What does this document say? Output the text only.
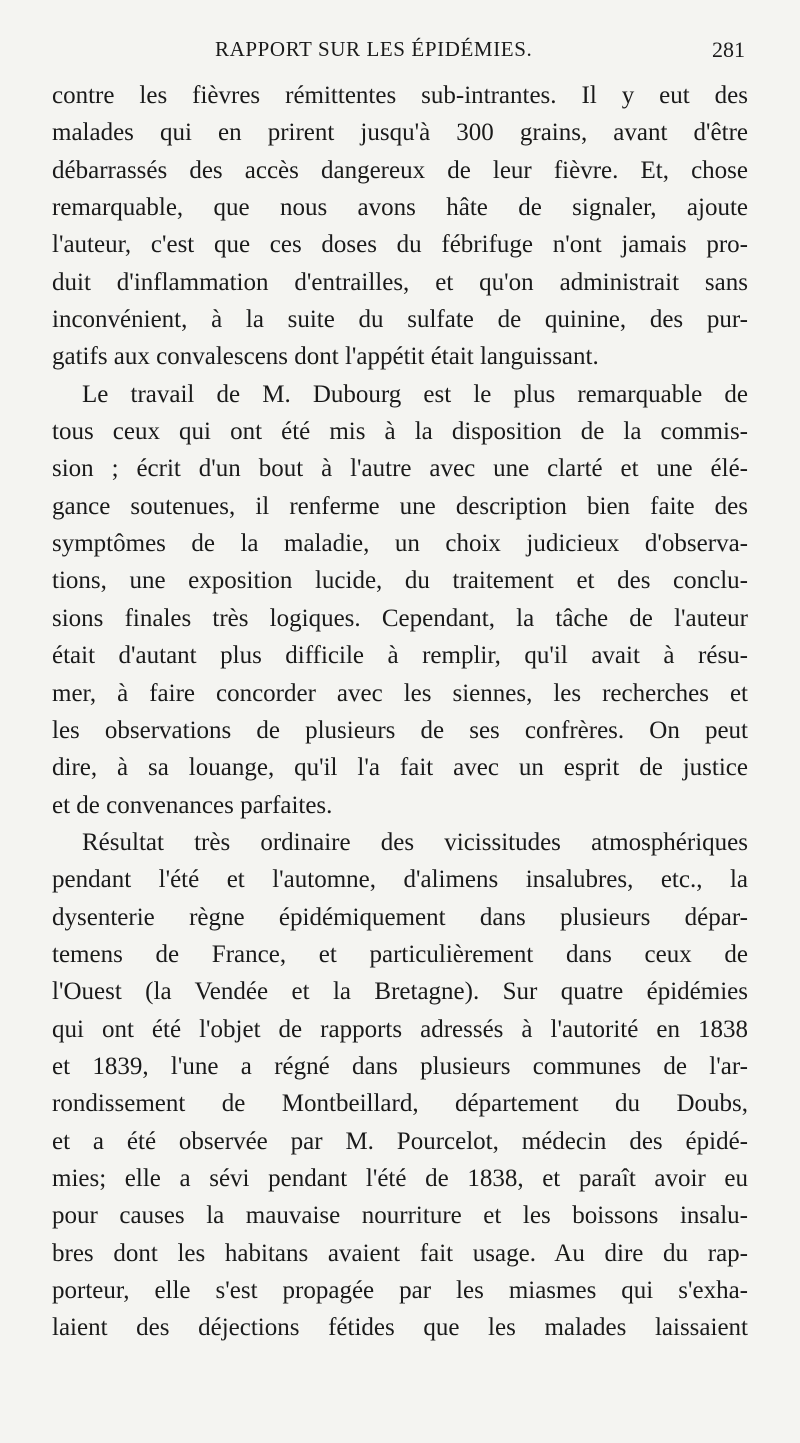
RAPPORT SUR LES ÉPIDÉMIES.	281
contre les fièvres rémittentes sub-intrantes. Il y eut des
malades qui en prirent jusqu'à 300 grains, avant d'être
débarrassés des accès dangereux de leur fièvre. Et, chose
remarquable, que nous avons hâte de signaler, ajoute
l'auteur, c'est que ces doses du fébrifuge n'ont jamais pro-
duit d'inflammation d'entrailles, et qu'on administrait sans
inconvénient, à la suite du sulfate de quinine, des pur-
gatifs aux convalescens dont l'appétit était languissant.
Le travail de M. Dubourg est le plus remarquable de
tous ceux qui ont été mis à la disposition de la commis-
sion ; écrit d'un bout à l'autre avec une clarté et une élé-
gance soutenues, il renferme une description bien faite des
symptômes de la maladie, un choix judicieux d'observa-
tions, une exposition lucide, du traitement et des conclu-
sions finales très logiques. Cependant, la tâche de l'auteur
était d'autant plus difficile à remplir, qu'il avait à résu-
mer, à faire concorder avec les siennes, les recherches et
les observations de plusieurs de ses confrères. On peut
dire, à sa louange, qu'il l'a fait avec un esprit de justice
et de convenances parfaites.
Résultat très ordinaire des vicissitudes atmosphériques
pendant l'été et l'automne, d'alimens insalubres, etc., la
dysenterie règne épidémiquement dans plusieurs dépar-
temens de France, et particulièrement dans ceux de
l'Ouest (la Vendée et la Bretagne). Sur quatre épidémies
qui ont été l'objet de rapports adressés à l'autorité en 1838
et 1839, l'une a régné dans plusieurs communes de l'ar-
rondissement de Montbeillard, département du Doubs,
et a été observée par M. Pourcelot, médecin des épidé-
mies; elle a sévi pendant l'été de 1838, et paraît avoir eu
pour causes la mauvaise nourriture et les boissons insalu-
bres dont les habitans avaient fait usage. Au dire du rap-
porteur, elle s'est propagée par les miasmes qui s'exha-
laient des déjections fétides que les malades laissaient
